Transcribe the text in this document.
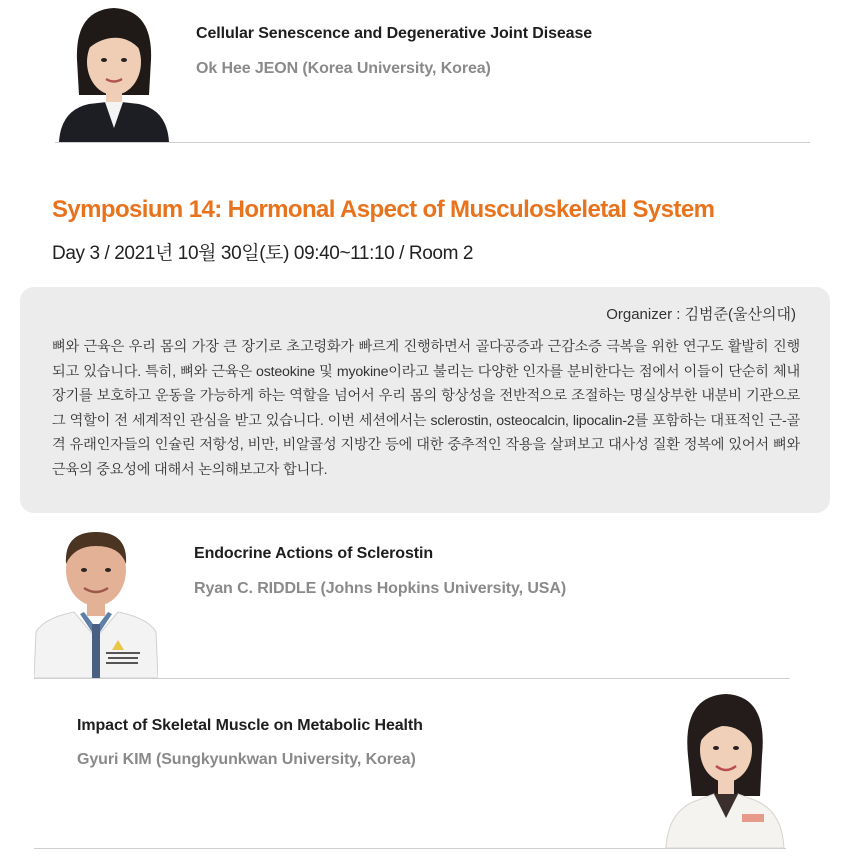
Cellular Senescence and Degenerative Joint Disease
Ok Hee JEON (Korea University, Korea)
Symposium 14: Hormonal Aspect of Musculoskeletal System
Day 3 / 2021년 10월 30일(토) 09:40~11:10 / Room 2
Organizer : 김범준(울산의대)
뼈와 근육은 우리 몸의 가장 큰 장기로 초고령화가 빠르게 진행하면서 골다공증과 근감소증 극복을 위한 연구도 활발히 진행되고 있습니다. 특히, 뼈와 근육은 osteokine 및 myokine이라고 불리는 다양한 인자를 분비한다는 점에서 이들이 단순히 체내 장기를 보호하고 운동을 가능하게 하는 역할을 넘어서 우리 몸의 항상성을 전반적으로 조절하는 명실상부한 내분비 기관으로 그 역할이 전 세계적인 관심을 받고 있습니다. 이번 세션에서는 sclerostin, osteocalcin, lipocalin-2를 포함하는 대표적인 근-골격 유래인자들의 인슐린 저항성, 비만, 비알콜성 지방간 등에 대한 중추적인 작용을 살펴보고 대사성 질환 정복에 있어서 뼈와 근육의 중요성에 대해서 논의해보고자 합니다.
Endocrine Actions of Sclerostin
Ryan C. RIDDLE (Johns Hopkins University, USA)
Impact of Skeletal Muscle on Metabolic Health
Gyuri KIM (Sungkyunkwan University, Korea)
